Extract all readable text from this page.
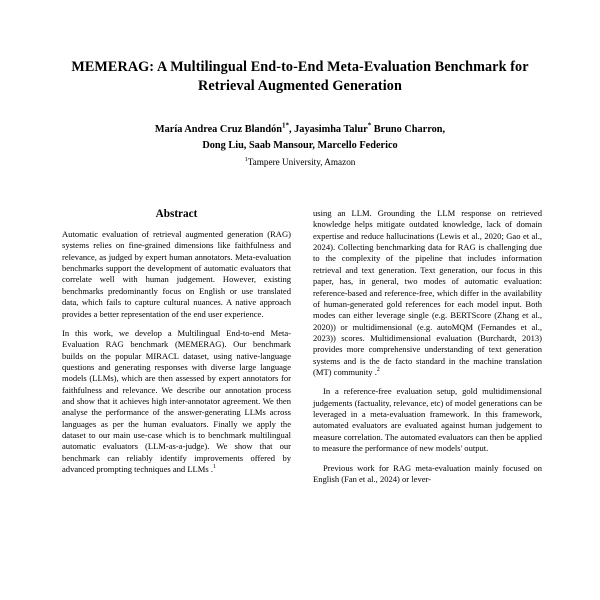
MEMERAG: A Multilingual End-to-End Meta-Evaluation Benchmark for Retrieval Augmented Generation
María Andrea Cruz Blandón$^{1*}$, Jayasimha Talur* Bruno Charron,
Dong Liu, Saab Mansour, Marcello Federico
$^1$Tampere University, Amazon
Abstract

Automatic evaluation of retrieval augmented generation (RAG) systems relies on fine-grained dimensions like faithfulness and relevance, as judged by expert human annotators. Meta-evaluation benchmarks support the development of automatic evaluators that correlate well with human judgement. However, existing benchmarks predominantly focus on English or use translated data, which fails to capture cultural nuances. A native approach provides a better representation of the end user experience.

In this work, we develop a Multilingual End-to-end Meta-Evaluation RAG benchmark (MEMERAG). Our benchmark builds on the popular MIRACL dataset, using native-language questions and generating responses with diverse large language models (LLMs), which are then assessed by expert annotators for faithfulness and relevance. We describe our annotation process and show that it achieves high inter-annotator agreement. We then analyse the performance of the answer-generating LLMs across languages as per the human evaluators. Finally we apply the dataset to our main use-case which is to benchmark multilingual automatic evaluators (LLM-as-a-judge). We show that our benchmark can reliably identify improvements offered by advanced prompting techniques and LLMs .$^1$

using an LLM. Grounding the LLM response on retrieved knowledge helps mitigate outdated knowledge, lack of domain expertise and reduce hallucinations (Lewis et al., 2020; Gao et al., 2024). Collecting benchmarking data for RAG is challenging due to the complexity of the pipeline that includes information retrieval and text generation. Text generation, our focus in this paper, has, in general, two modes of automatic evaluation: reference-based and reference-free, which differ in the availability of human-generated gold references for each model input. Both modes can either leverage single (e.g. BERTScore (Zhang et al., 2020)) or multidimensional (e.g. autoMQM (Fernandes et al., 2023)) scores. Multidimensional evaluation (Burchardt, 2013) provides more comprehensive understanding of text generation systems and is the de facto standard in the machine translation (MT) community .$^2$

In a reference-free evaluation setup, gold multidimensional judgements (factuality, relevance, etc) of model generations can be leveraged in a meta-evaluation framework. In this framework, automated evaluators are evaluated against human judgement to measure correlation. The automated evaluators can then be applied to measure the performance of new models' output.

Previous work for RAG meta-evaluation mainly focused on English (Fan et al., 2024) or lever-
